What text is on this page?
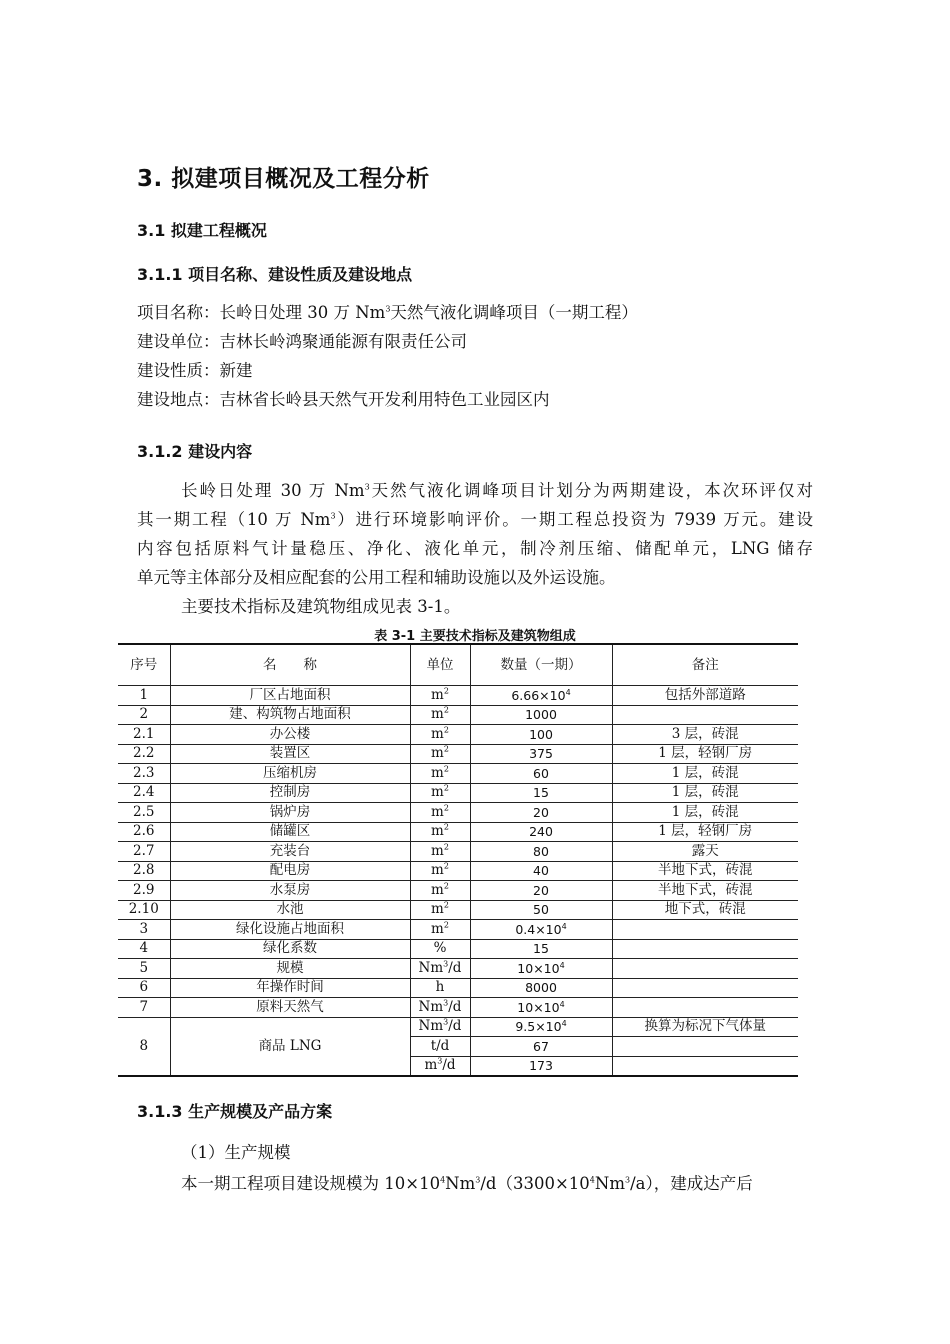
3. 拟建项目概况及工程分析
3.1 拟建工程概况
3.1.1 项目名称、建设性质及建设地点
项目名称：长岭日处理 30 万 Nm$^3$天然气液化调峰项目（一期工程）
建设单位：吉林长岭鸿聚通能源有限责任公司
建设性质：新建
建设地点：吉林省长岭县天然气开发利用特色工业园区内
3.1.2 建设内容

长岭日处理 30 万 Nm$^3$天然气液化调峰项目计划分为两期建设，本次环评仅对

其一期工程（10 万 Nm$^3$）进行环境影响评价。一期工程总投资为 7939 万元。建设

内容包括原料气计量稳压、净化、液化单元，制冷剂压缩、储配单元，LNG 储存

单元等主体部分及相应配套的公用工程和辅助设施以及外运设施。

主要技术指标及建筑物组成见表 3-1。

表 3-1 主要技术指标及建筑物组成
序号	名　　称	单位	数量（一期）	备注
1	厂区占地面积	$m^2$	$6.66\times 10^4$	包括外部道路
2	建、构筑物占地面积	$m^2$	1000	
2.1	办公楼	$m^2$	100	3 层，砖混
2.2	装置区	$m^2$	375	1 层，轻钢厂房
2.3	压缩机房	$m^2$	60	1 层，砖混
2.4	控制房	$m^2$	15	1 层，砖混
2.5	锅炉房	$m^2$	20	1 层，砖混
2.6	储罐区	$m^2$	240	1 层，轻钢厂房
2.7	充装台	$m^2$	80	露天
2.8	配电房	$m^2$	40	半地下式，砖混
2.9	水泵房	$m^2$	20	半地下式，砖混
2.10	水池	$m^2$	50	地下式，砖混
3	绿化设施占地面积	$m^2$	$0.4\times 10^4$	
4	绿化系数	%	15	
5	规模	Nm$^3$/d	$10\times 10^4$	
6	年操作时间	h	8000	
7	原料天然气	Nm$^3$/d	$10\times 10^4$	
8	商品 LNG	Nm$^3$/d	$9.5\times 10^4$	换算为标况下气体量
		t/d	67	
		$m^3/d$	173	
3.1.3 生产规模及产品方案
（1）生产规模
本一期工程项目建设规模为 $10\times 10^4Nm^3/d(3300\times 10^4Nm^3/a)$，建成达产后
